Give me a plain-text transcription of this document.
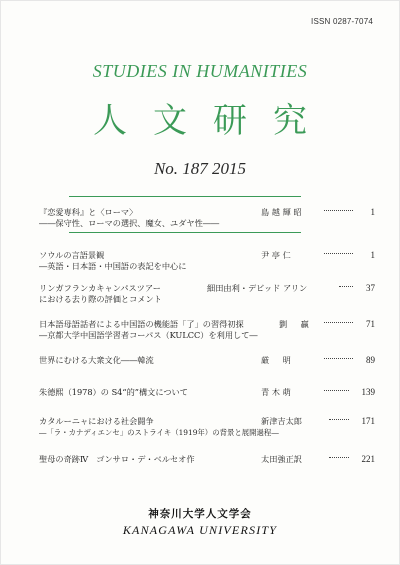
ISSN 0287-7074
STUDIES IN HUMANITIES
人文研究
No. 187 2015
『恋愛専科』と〈ローマ〉
――保守性、ローマの選択、魔女、ユダヤ性――
島 越 輝 昭	1
ソウルの言語景観
―英語・日本語・中国語の表記を中心に
尹 亭 仁	1
リンガフランカキャンパスツアー
における去り際の評価とコメント
細田由利・デビッド アリン	37
日本語母語話者による中国語の機能語「了」の習得初探
―京都大学中国語学習者コーパス（KULCC）を利用して―
劉 　 贏	71
世界にむける大衆文化――韓流	厳 　 明	89
朱德熙（1978）の S4“的”構文について	青 木 萌	139
カタルーニャにおける社会闘争
―「ラ・カナディエンセ」のストライキ（1919年）の背景と展開過程―
新津吉太郎	171
聖母の奇跡Ⅳ　ゴンサロ・デ・ベルセオ作	太田強正訳	221
神奈川大学人文学会
KANAGAWA UNIVERSITY
